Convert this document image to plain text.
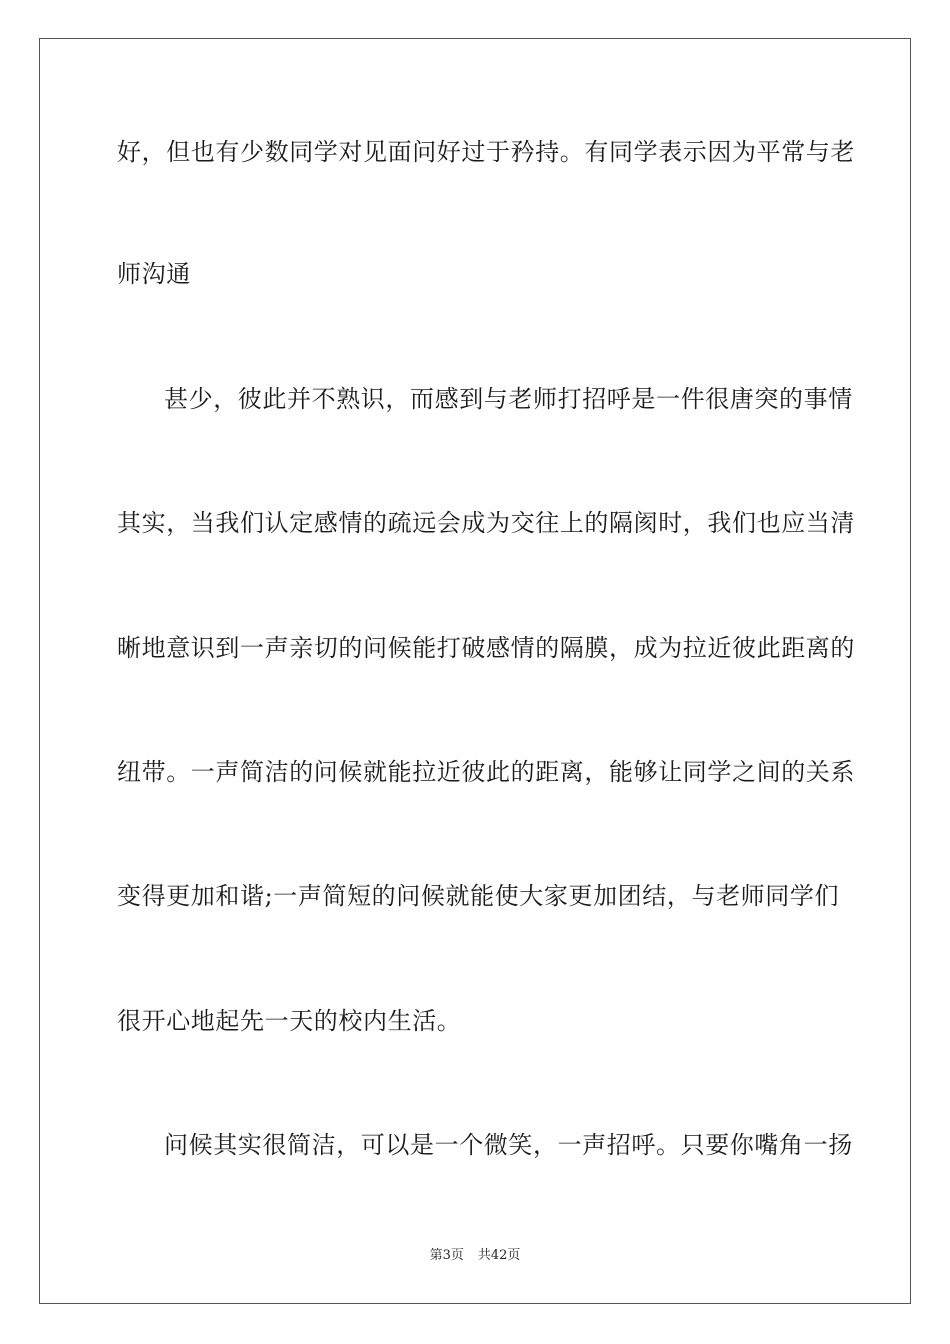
好，但也有少数同学对见面问好过于矜持。有同学表示因为平常与老
师沟通
甚少，彼此并不熟识，而感到与老师打招呼是一件很唐突的事情
其实，当我们认定感情的疏远会成为交往上的隔阂时，我们也应当清
晰地意识到一声亲切的问候能打破感情的隔膜，成为拉近彼此距离的
纽带。一声简洁的问候就能拉近彼此的距离，能够让同学之间的关系
变得更加和谐;一声简短的问候就能使大家更加团结，与老师同学们
很开心地起先一天的校内生活。
问候其实很简洁，可以是一个微笑，一声招呼。只要你嘴角一扬
第3页 共42页
